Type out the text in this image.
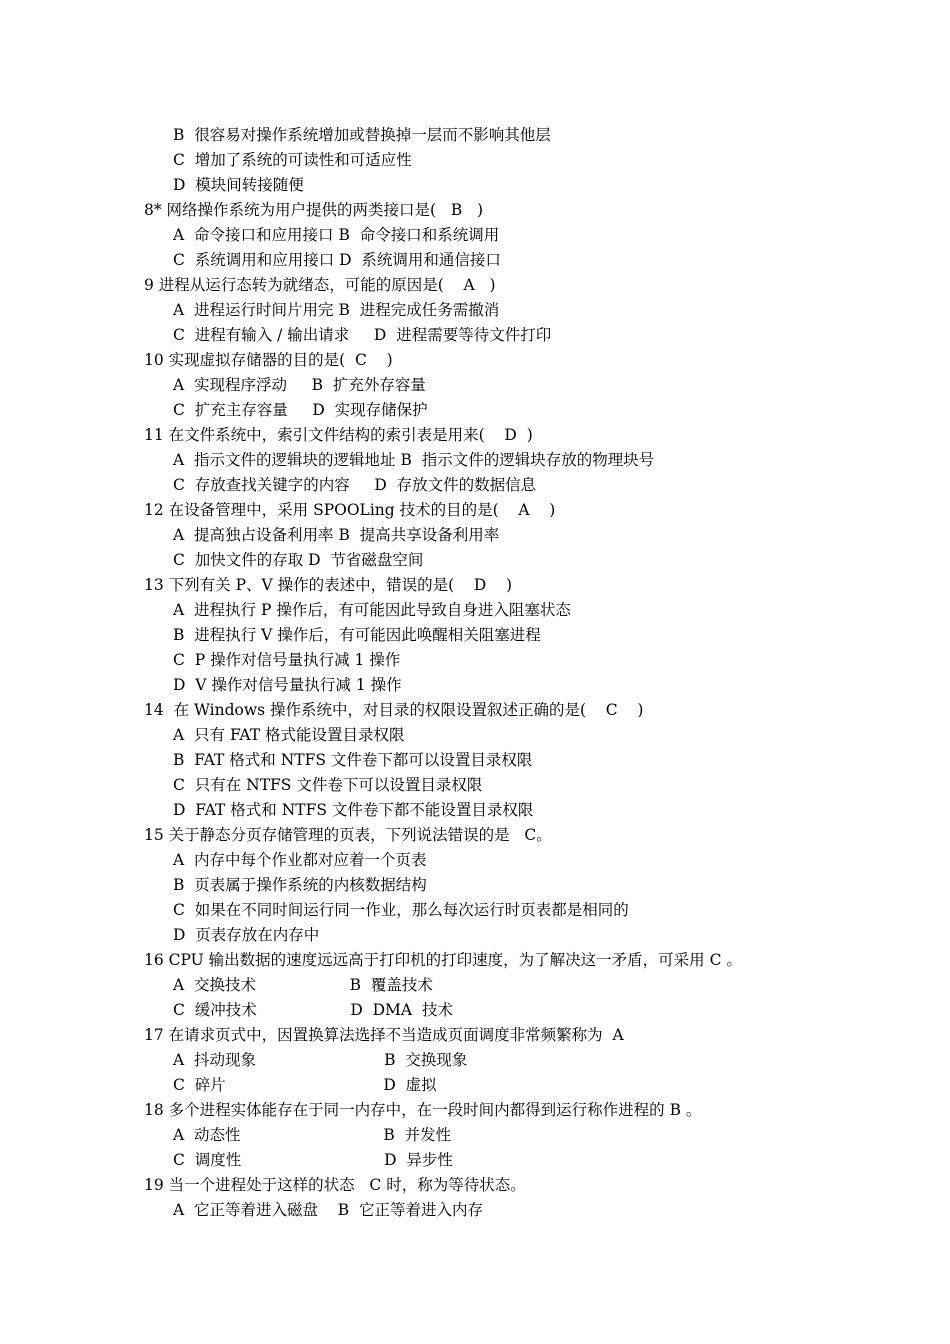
B  很容易对操作系统增加或替换掉一层而不影响其他层
C  增加了系统的可读性和可适应性
D  模块间转接随便
8* 网络操作系统为用户提供的两类接口是(   B   )
A  命令接口和应用接口 B  命令接口和系统调用
C  系统调用和应用接口 D  系统调用和通信接口
9 进程从运行态转为就绪态，可能的原因是(    A   )
A  进程运行时间片用完 B  进程完成任务需撤消
C  进程有输入 / 输出请求     D  进程需要等待文件打印
10 实现虚拟存储器的目的是(  C    )
A  实现程序浮动     B  扩充外存容量
C  扩充主存容量     D  实现存储保护
11 在文件系统中，索引文件结构的索引表是用来(    D  )
A  指示文件的逻辑块的逻辑地址 B  指示文件的逻辑块存放的物理块号
C  存放查找关键字的内容     D  存放文件的数据信息
12 在设备管理中，采用 SPOOLing 技术的目的是(    A    )
A  提高独占设备利用率 B  提高共享设备利用率
C  加快文件的存取 D  节省磁盘空间
13 下列有关 P、V 操作的表述中，错误的是(    D    )
A  进程执行 P 操作后，有可能因此导致自身进入阻塞状态
B  进程执行 V 操作后，有可能因此唤醒相关阻塞进程
C  P 操作对信号量执行减 1 操作
D  V 操作对信号量执行减 1 操作
14  在 Windows 操作系统中，对目录的权限设置叙述正确的是(    C    )
A  只有 FAT 格式能设置目录权限
B  FAT 格式和 NTFS 文件卷下都可以设置目录权限
C  只有在 NTFS 文件卷下可以设置目录权限
D  FAT 格式和 NTFS 文件卷下都不能设置目录权限
15 关于静态分页存储管理的页表，下列说法错误的是   C。
A  内存中每个作业都对应着一个页表
B  页表属于操作系统的内核数据结构
C  如果在不同时间运行同一作业，那么每次运行时页表都是相同的
D  页表存放在内存中
16 CPU 输出数据的速度远远高于打印机的打印速度，为了解决这一矛盾，可采用 C 。
A  交换技术                   B  覆盖技术
C  缓冲技术                   D  DMA  技术
17 在请求页式中，因置换算法选择不当造成页面调度非常频繁称为  A
A  抖动现象                          B  交换现象
C  碎片                                D  虚拟
18 多个进程实体能存在于同一内存中，在一段时间内都得到运行称作进程的 B 。
A  动态性                             B  并发性
C  调度性                             D  异步性
19 当一个进程处于这样的状态   C 时，称为等待状态。
A  它正等着进入磁盘    B  它正等着进入内存
